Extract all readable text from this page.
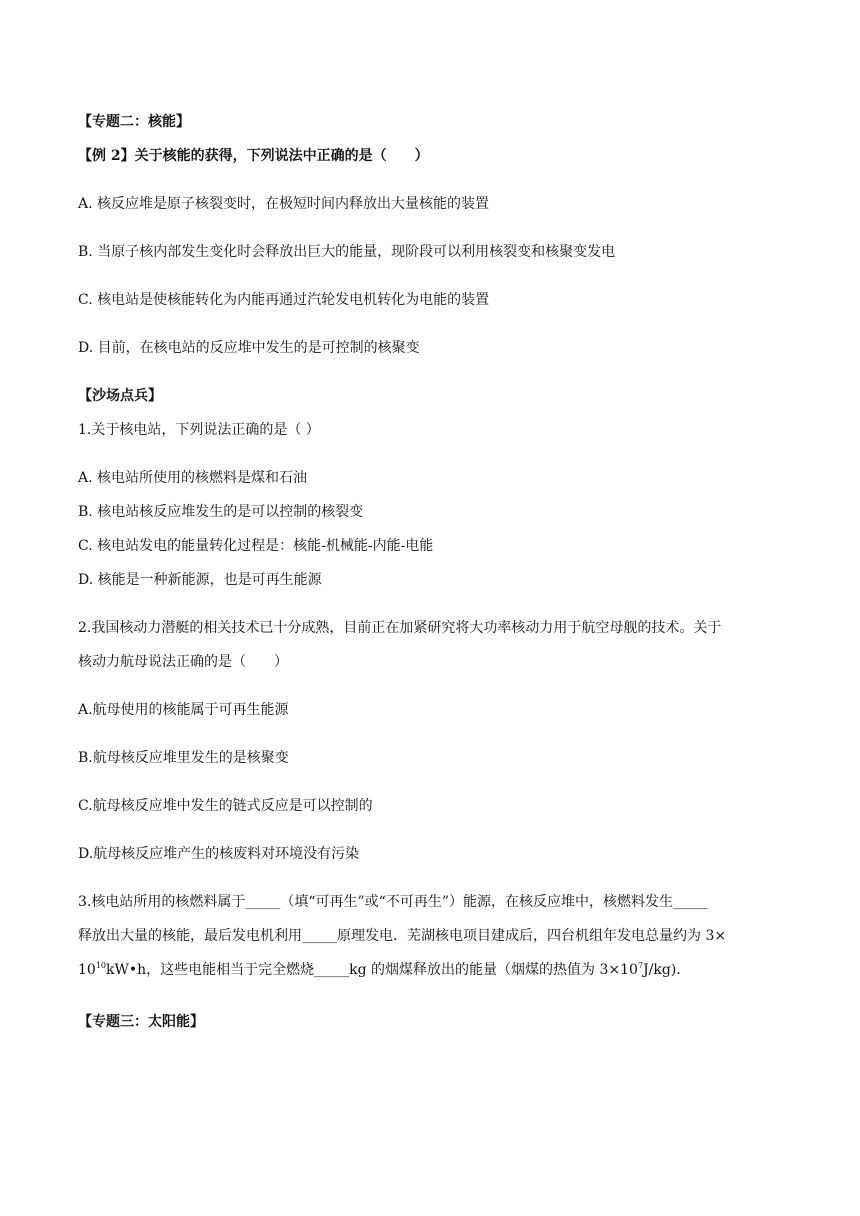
【专题二：核能】
【例 2】关于核能的获得，下列说法中正确的是（　　）
A. 核反应堆是原子核裂变时，在极短时间内释放出大量核能的装置
B. 当原子核内部发生变化时会释放出巨大的能量，现阶段可以利用核裂变和核聚变发电
C. 核电站是使核能转化为内能再通过汽轮发电机转化为电能的装置
D. 目前，在核电站的反应堆中发生的是可控制的核聚变
【沙场点兵】
1.关于核电站，下列说法正确的是（ ）
A. 核电站所使用的核燃料是煤和石油
B. 核电站核反应堆发生的是可以控制的核裂变
C. 核电站发电的能量转化过程是：核能-机械能-内能-电能
D. 核能是一种新能源，也是可再生能源
2.我国核动力潜艇的相关技术已十分成熟，目前正在加紧研究将大功率核动力用于航空母舰的技术。关于
核动力航母说法正确的是（　　）
A.航母使用的核能属于可再生能源
B.航母核反应堆里发生的是核聚变
C.航母核反应堆中发生的链式反应是可以控制的
D.航母核反应堆产生的核废料对环境没有污染
3.核电站所用的核燃料属于_____（填“可再生”或“不可再生”）能源，在核反应堆中，核燃料发生_____
释放出大量的核能，最后发电机利用_____原理发电．芜湖核电项目建成后，四台机组年发电总量约为 3×
$10^{10}kW•h$，这些电能相当于完全燃烧_____kg 的烟煤释放出的能量（烟煤的热值为 $3\times 10^7J/kg$)．
【专题三：太阳能】
